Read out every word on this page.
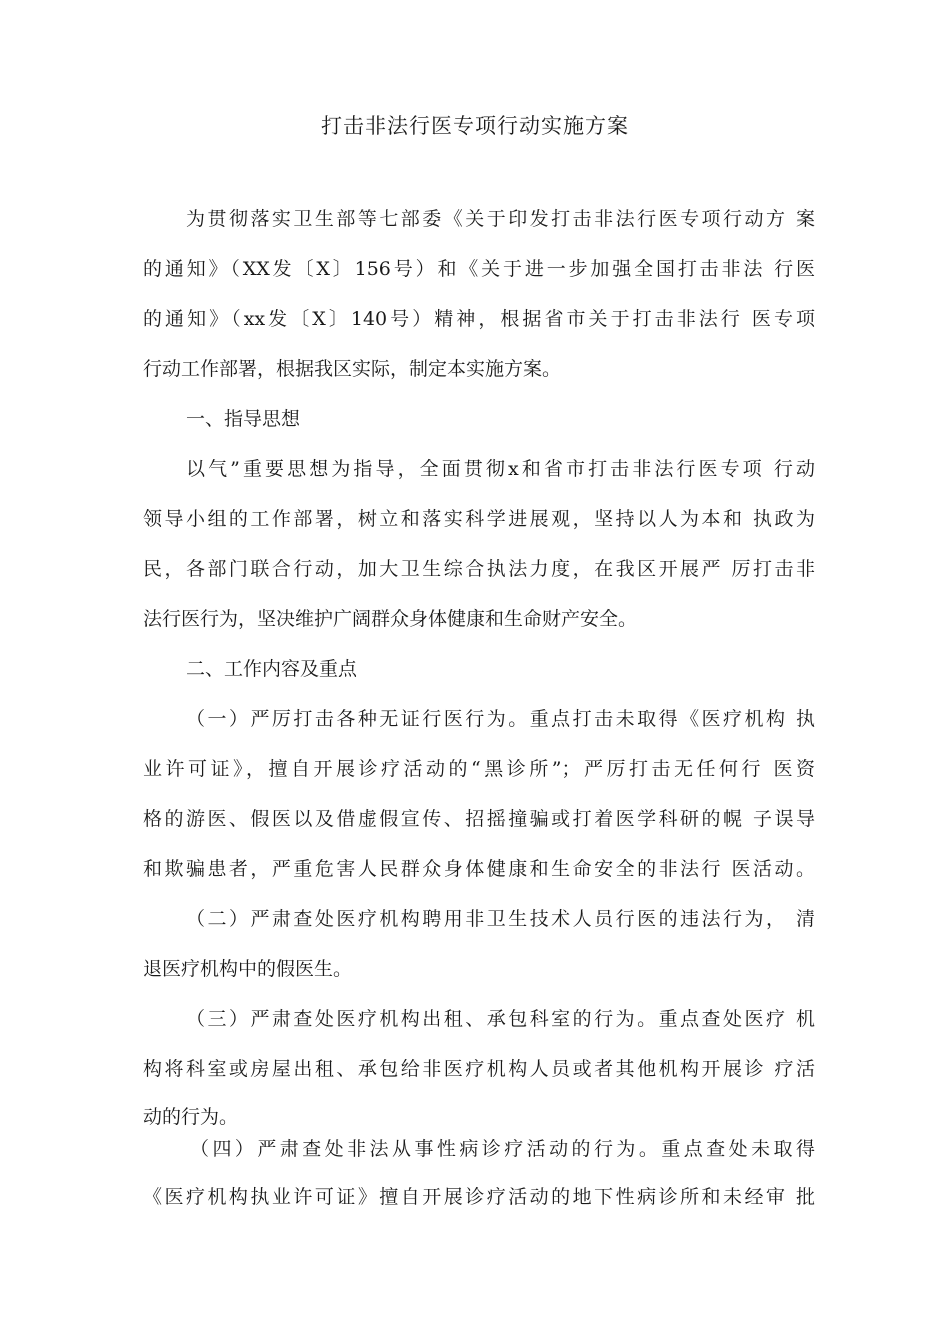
打击非法行医专项行动实施方案
为贯彻落实卫生部等七部委《关于印发打击非法行医专项行动方 案
的通知》（XX发〔X〕156号）和《关于进一步加强全国打击非法 行医
的通知》（xx发〔X〕140号）精神，根据省市关于打击非法行 医专项
行动工作部署，根据我区实际，制定本实施方案。
一、指导思想
以气”重要思想为指导，全面贯彻x和省市打击非法行医专项 行动
领导小组的工作部署，树立和落实科学进展观，坚持以人为本和 执政为
民，各部门联合行动，加大卫生综合执法力度，在我区开展严 厉打击非
法行医行为，坚决维护广阔群众身体健康和生命财产安全。
二、工作内容及重点
（一）严厉打击各种无证行医行为。重点打击未取得《医疗机构 执
业许可证》，擅自开展诊疗活动的“黑诊所”；严厉打击无任何行 医资
格的游医、假医以及借虚假宣传、招摇撞骗或打着医学科研的幌 子误导
和欺骗患者，严重危害人民群众身体健康和生命安全的非法行 医活动。
（二）严肃查处医疗机构聘用非卫生技术人员行医的违法行为， 清
退医疗机构中的假医生。
（三）严肃查处医疗机构出租、承包科室的行为。重点查处医疗 机
构将科室或房屋出租、承包给非医疗机构人员或者其他机构开展诊 疗活
动的行为。
（四）严肃查处非法从事性病诊疗活动的行为。重点查处未取得
《医疗机构执业许可证》擅自开展诊疗活动的地下性病诊所和未经审 批
